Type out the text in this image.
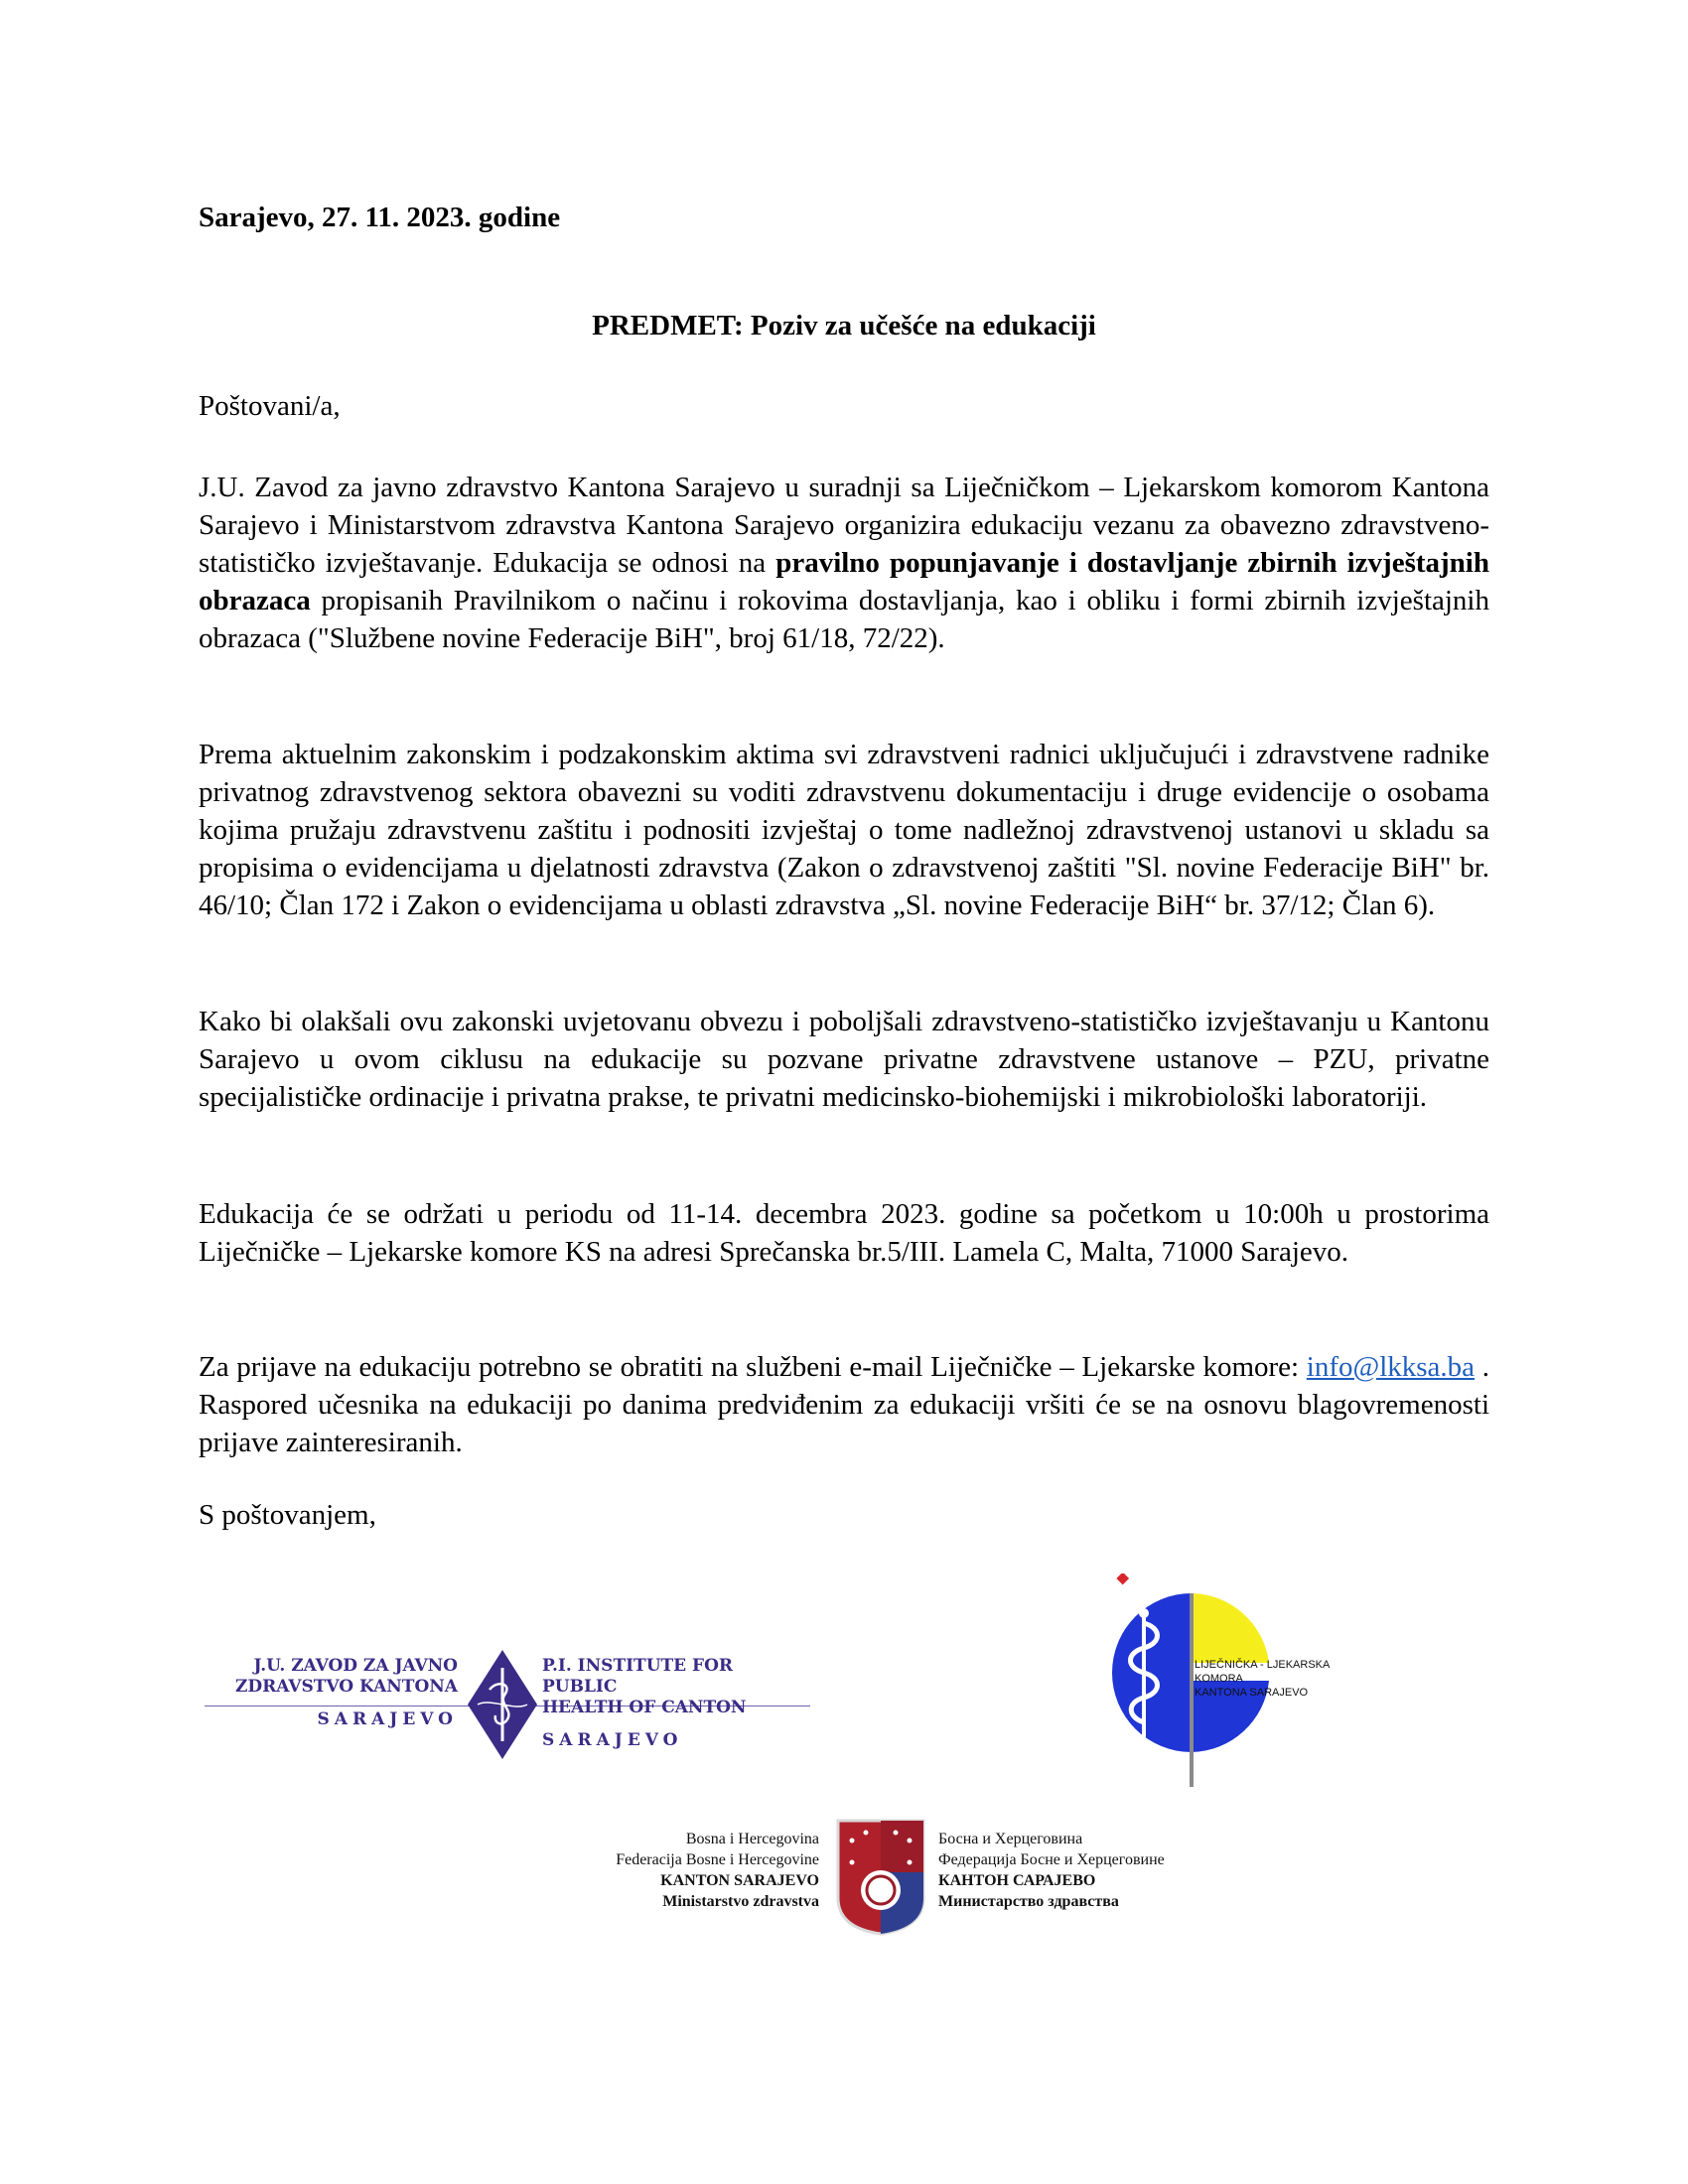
Sarajevo, 27. 11. 2023. godine
PREDMET: Poziv za učešće na edukaciji
Poštovani/a,

J.U. Zavod za javno zdravstvo Kantona Sarajevo u suradnji sa Liječničkom – Ljekarskom komorom Kantona Sarajevo i Ministarstvom zdravstva Kantona Sarajevo organizira edukaciju vezanu za obavezno zdravstveno-statističko izvještavanje. Edukacija se odnosi na pravilno popunjavanje i dostavljanje zbirnih izvještajnih obrazaca propisanih Pravilnikom o načinu i rokovima dostavljanja, kao i obliku i formi zbirnih izvještajnih obrazaca ("Službene novine Federacije BiH", broj 61/18, 72/22).

Prema aktuelnim zakonskim i podzakonskim aktima svi zdravstveni radnici uključujući i zdravstvene radnike privatnog zdravstvenog sektora obavezni su voditi zdravstvenu dokumentaciju i druge evidencije o osobama kojima pružaju zdravstvenu zaštitu i podnositi izvještaj o tome nadležnoj zdravstvenoj ustanovi u skladu sa propisima o evidencijama u djelatnosti zdravstva (Zakon o zdravstvenoj zaštiti "Sl. novine Federacije BiH" br. 46/10; Član 172 i Zakon o evidencijama u oblasti zdravstva „Sl. novine Federacije BiH“ br. 37/12; Član 6).

Kako bi olakšali ovu zakonski uvjetovanu obvezu i poboljšali zdravstveno-statističko izvještavanju u Kantonu Sarajevo u ovom ciklusu na edukacije su pozvane privatne zdravstvene ustanove – PZU, privatne specijalističke ordinacije i privatna prakse, te privatni medicinsko-biohemijski i mikrobiološki laboratoriji.

Edukacija će se održati u periodu od 11-14. decembra 2023. godine sa početkom u 10:00h u prostorima Liječničke – Ljekarske komore KS na adresi Sprečanska br.5/III. Lamela C, Malta, 71000 Sarajevo.

Za prijave na edukaciju potrebno se obratiti na službeni e-mail Liječničke – Ljekarske komore: info@lkksa.ba . Raspored učesnika na edukaciji po danima predviđenim za edukaciji vršiti će se na osnovu blagovremenosti prijave zainteresiranih.

S poštovanjem,
J.U. ZAVOD ZA JAVNO
ZDRAVSTVO KANTONA
SARAJEVO
P.I. INSTITUTE FOR PUBLIC
HEALTH OF CANTON
SARAJEVO
LIJEČNIČKA - LJEKARSKA
KOMORA
KANTONA SARAJEVO
Bosna i Hercegovina
Federacija Bosne i Hercegovine
KANTON SARAJEVO
Ministarstvo zdravstva
Босна и Херцеговина
Федерација Босне и Херцеговине
КАНТОН САРАЈЕВО
Министарство здравства
